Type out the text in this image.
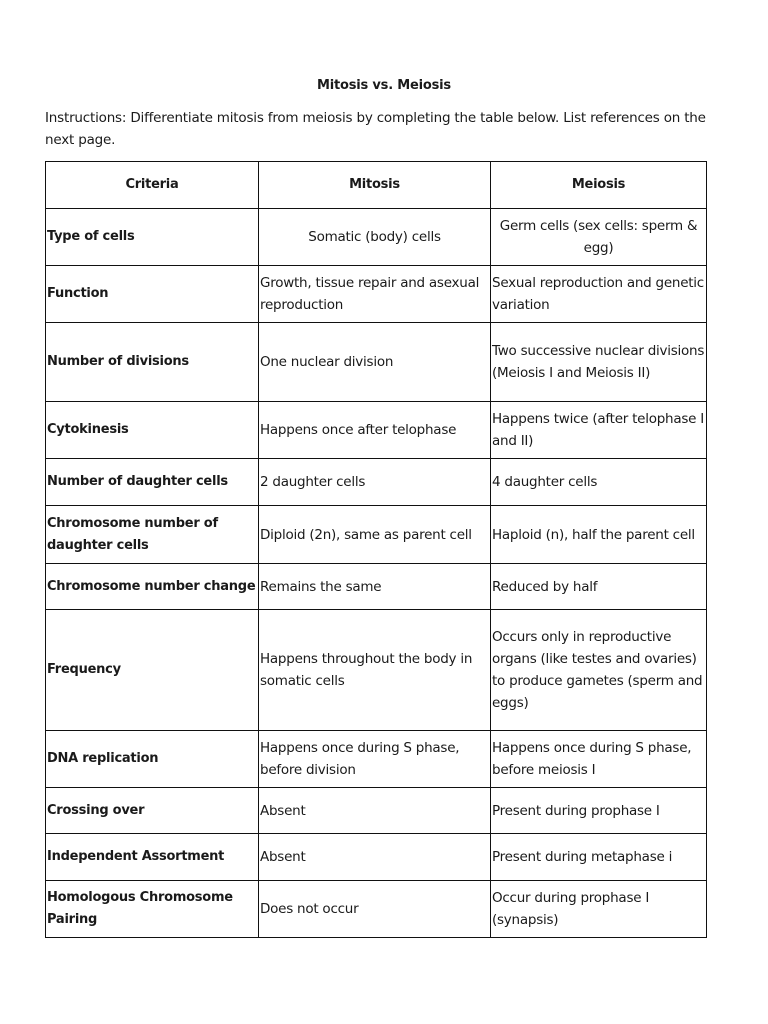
Mitosis vs. Meiosis
Instructions: Differentiate mitosis from meiosis by completing the table below. List references on the next page.
Criteria	Mitosis	Meiosis
Type of cells	Somatic (body) cells	Germ cells (sex cells: sperm & egg)
Function	Growth, tissue repair and asexual reproduction	Sexual reproduction and genetic variation
Number of divisions	One nuclear division	Two successive nuclear divisions (Meiosis I and Meiosis II)
Cytokinesis	Happens once after telophase	Happens twice (after telophase I and II)
Number of daughter cells	2 daughter cells	4 daughter cells
Chromosome number of daughter cells	Diploid (2n), same as parent cell	Haploid (n), half the parent cell
Chromosome number change	Remains the same	Reduced by half
Frequency	Happens throughout the body in somatic cells	Occurs only in reproductive organs (like testes and ovaries) to produce gametes (sperm and eggs)
DNA replication	Happens once during S phase, before division	Happens once during S phase, before meiosis I
Crossing over	Absent	Present during prophase I
Independent Assortment	Absent	Present during metaphase i
Homologous Chromosome Pairing	Does not occur	Occur during prophase I (synapsis)
